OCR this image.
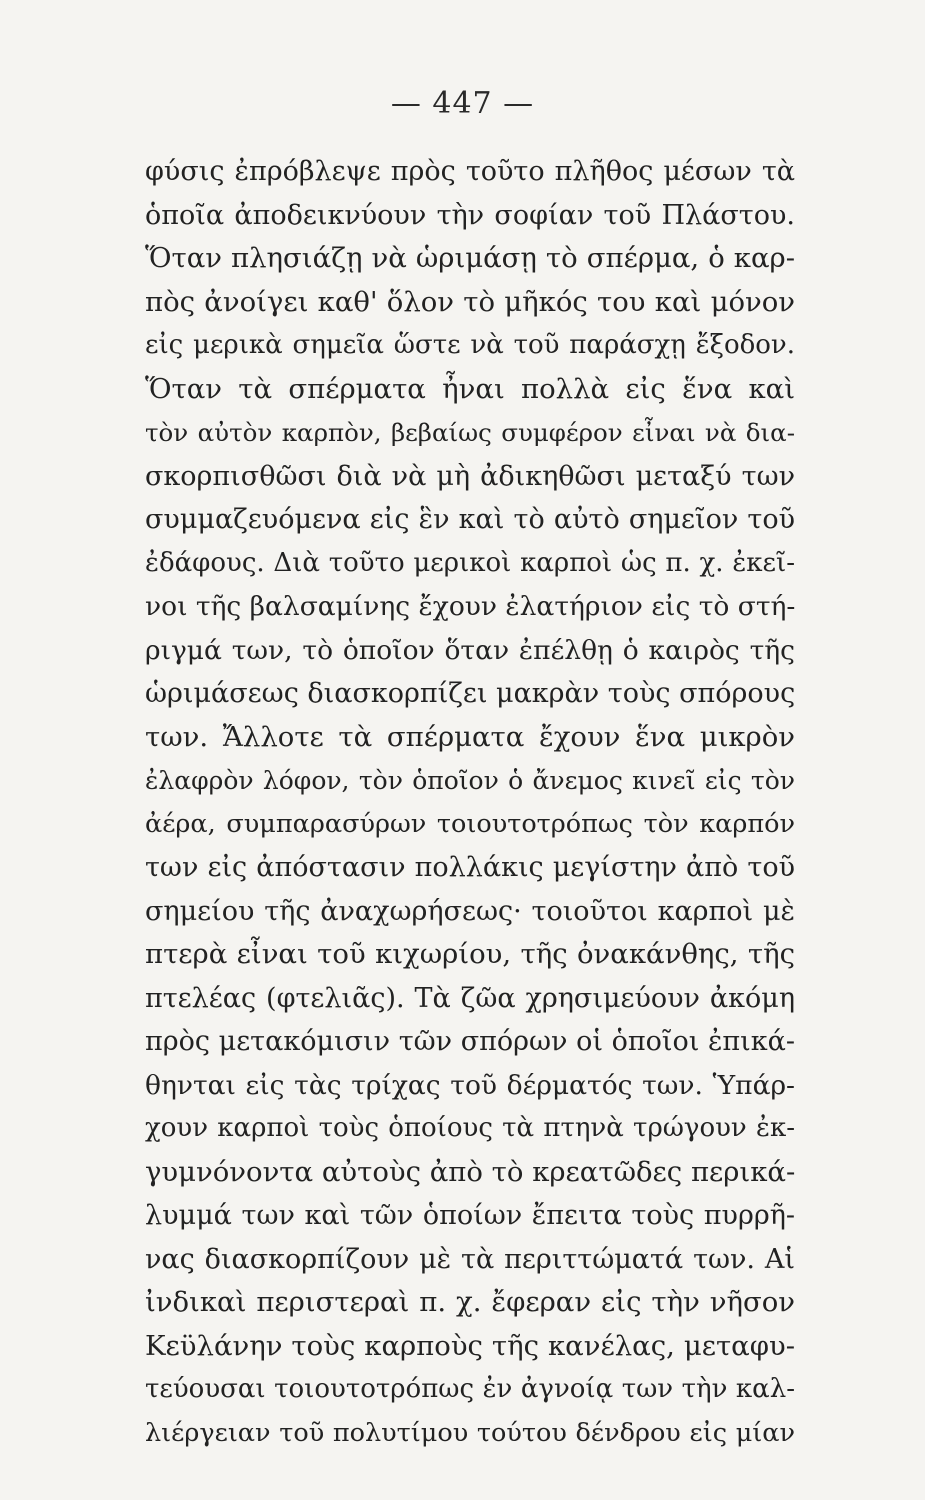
— 447 —
φύσις ἐπρόβλεψε πρὸς τοῦτο πλῆθος μέσων τὰ
ὁποῖα ἀποδεικνύουν τὴν σοφίαν τοῦ Πλάστου.
Ὅταν πλησιάζῃ νὰ ὡριμάσῃ τὸ σπέρμα, ὁ καρ-
πὸς ἀνοίγει καθ' ὅλον τὸ μῆκός του καὶ μόνον
εἰς μερικὰ σημεῖα ὥστε νὰ τοῦ παράσχῃ ἔξοδον.
Ὅταν τὰ σπέρματα ἦναι πολλὰ εἰς ἕνα καὶ
τὸν αὐτὸν καρπὸν, βεβαίως συμφέρον εἶναι νὰ δια-
σκορπισθῶσι διὰ νὰ μὴ ἀδικηθῶσι μεταξύ των
συμμαζευόμενα εἰς ἓν καὶ τὸ αὐτὸ σημεῖον τοῦ
ἐδάφους. Διὰ τοῦτο μερικοὶ καρποὶ ὡς π. χ. ἐκεῖ-
νοι τῆς βαλσαμίνης ἔχουν ἐλατήριον εἰς τὸ στή-
ριγμά των, τὸ ὁποῖον ὅταν ἐπέλθῃ ὁ καιρὸς τῆς
ὡριμάσεως διασκορπίζει μακρὰν τοὺς σπόρους
των. Ἄλλοτε τὰ σπέρματα ἔχουν ἕνα μικρὸν
ἐλαφρὸν λόφον, τὸν ὁποῖον ὁ ἄνεμος κινεῖ εἰς τὸν
ἀέρα, συμπαρασύρων τοιουτοτρόπως τὸν καρπόν
των εἰς ἀπόστασιν πολλάκις μεγίστην ἀπὸ τοῦ
σημείου τῆς ἀναχωρήσεως· τοιοῦτοι καρποὶ μὲ
πτερὰ εἶναι τοῦ κιχωρίου, τῆς ὀνακάνθης, τῆς
πτελέας (φτελιᾶς). Τὰ ζῶα χρησιμεύουν ἀκόμη
πρὸς μετακόμισιν τῶν σπόρων οἱ ὁποῖοι ἐπικά-
θηνται εἰς τὰς τρίχας τοῦ δέρματός των. Ὑπάρ-
χουν καρποὶ τοὺς ὁποίους τὰ πτηνὰ τρώγουν ἐκ-
γυμνόνοντα αὐτοὺς ἀπὸ τὸ κρεατῶδες περικά-
λυμμά των καὶ τῶν ὁποίων ἔπειτα τοὺς πυρρῆ-
νας διασκορπίζουν μὲ τὰ περιττώματά των. Αἱ
ἰνδικαὶ περιστεραὶ π. χ. ἔφεραν εἰς τὴν νῆσον
Κεϋλάνην τοὺς καρποὺς τῆς κανέλας, μεταφυ-
τεύουσαι τοιουτοτρόπως ἐν ἀγνοίᾳ των τὴν καλ-
λιέργειαν τοῦ πολυτίμου τούτου δένδρου εἰς μίαν
